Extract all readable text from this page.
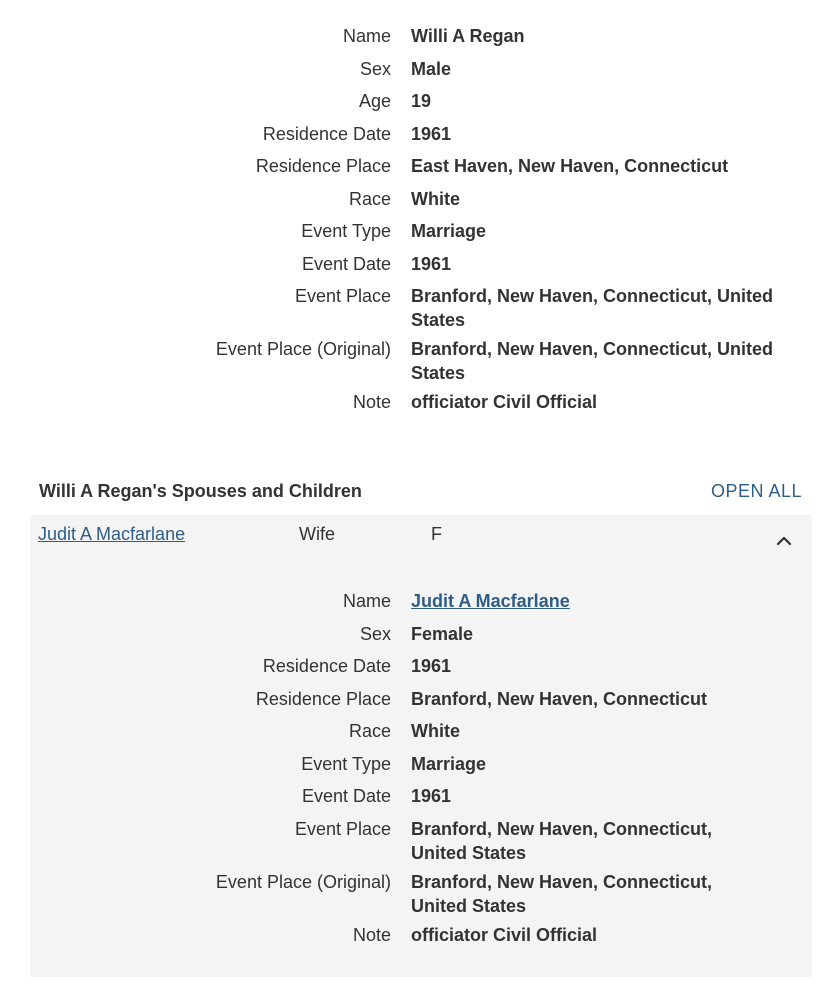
Name	Willi A Regan
Sex	Male
Age	19
Residence Date	1961
Residence Place	East Haven, New Haven, Connecticut
Race	White
Event Type	Marriage
Event Date	1961
Event Place	Branford, New Haven, Connecticut, United States
Event Place (Original)	Branford, New Haven, Connecticut, United States
Note	officiator Civil Official
Willi A Regan's Spouses and Children	OPEN ALL
Judit A Macfarlane	Wife	F
Name	Judit A Macfarlane
Sex	Female
Residence Date	1961
Residence Place	Branford, New Haven, Connecticut
Race	White
Event Type	Marriage
Event Date	1961
Event Place	Branford, New Haven, Connecticut, United States
Event Place (Original)	Branford, New Haven, Connecticut, United States
Note	officiator Civil Official
